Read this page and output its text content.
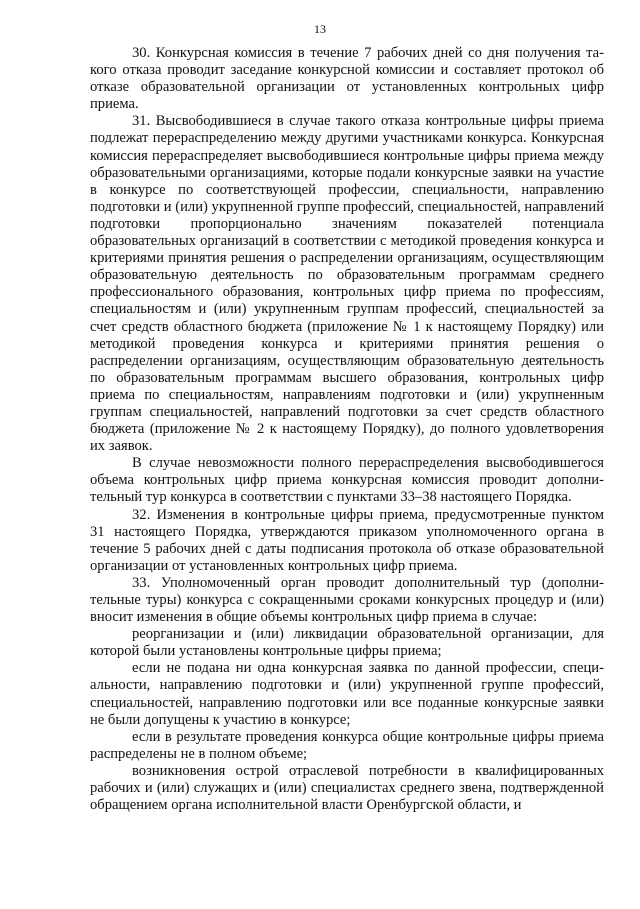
13

30. Конкурсная комиссия в течение 7 рабочих дней со дня получения такого отказа проводит заседание конкурсной комиссии и составляет протокол об отказе образовательной организации от установленных контрольных цифр приема.

31. Высвободившиеся в случае такого отказа контрольные цифры приема подлежат перераспределению между другими участниками конкурса. Конкурсная комиссия перераспределяет высвободившиеся контрольные цифры приема между образовательными организациями, которые подали конкурсные заявки на участие в конкурсе по соответствующей профессии, специальности, направлению подготовки и (или) укрупненной группе профессий, специальностей, направлений подготовки пропорционально значениям показателей потенциала образовательных организаций в соответствии с методикой проведения конкурса и критериями принятия решения о распределении организациям, осуществляющим образовательную деятельность по образовательным программам среднего профессионального образования, контрольных цифр приема по профессиям, специальностям и (или) укрупненным группам профессий, специальностей за счет средств областного бюджета (приложение № 1 к настоящему Порядку) или методикой проведения конкурса и критериями принятия решения о распределении организациям, осуществляющим образовательную деятельность по образовательным программам высшего образования, контрольных цифр приема по специальностям, направлениям подготовки и (или) укрупненным группам специальностей, направлений подготовки за счет средств областного бюджета (приложение № 2 к настоящему Порядку), до полного удовлетворения их заявок.

В случае невозможности полного перераспределения высвободившегося объема контрольных цифр приема конкурсная комиссия проводит дополнительный тур конкурса в соответствии с пунктами 33–38 настоящего Порядка.

32. Изменения в контрольные цифры приема, предусмотренные пунктом 31 настоящего Порядка, утверждаются приказом уполномоченного органа в течение 5 рабочих дней с даты подписания протокола об отказе образовательной организации от установленных контрольных цифр приема.

33. Уполномоченный орган проводит дополнительный тур (дополнительные туры) конкурса с сокращенными сроками конкурсных процедур и (или) вносит изменения в общие объемы контрольных цифр приема в случае:

реорганизации и (или) ликвидации образовательной организации, для которой были установлены контрольные цифры приема;

если не подана ни одна конкурсная заявка по данной профессии, специальности, направлению подготовки и (или) укрупненной группе профессий, специальностей, направлению подготовки или все поданные конкурсные заявки не были допущены к участию в конкурсе;

если в результате проведения конкурса общие контрольные цифры приема распределены не в полном объеме;

возникновения острой отраслевой потребности в квалифицированных рабочих и (или) служащих и (или) специалистах среднего звена, подтвержденной обращением органа исполнительной власти Оренбургской области, и
